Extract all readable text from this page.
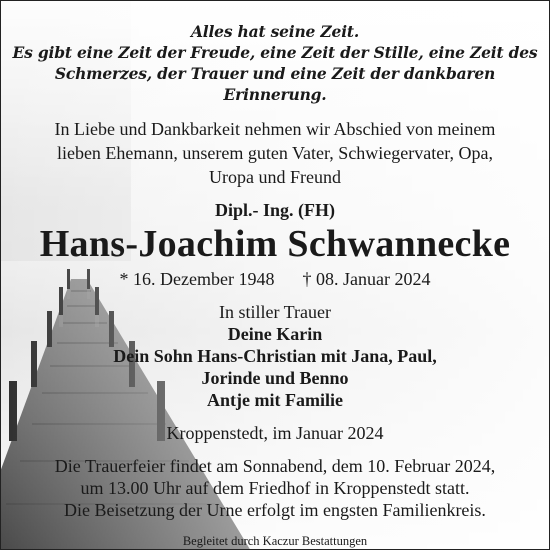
Alles hat seine Zeit.
Es gibt eine Zeit der Freude, eine Zeit der Stille, eine Zeit des
Schmerzes, der Trauer und eine Zeit der dankbaren Erinnerung.

In Liebe und Dankbarkeit nehmen wir Abschied von meinem
lieben Ehemann, unserem guten Vater, Schwiegervater, Opa,
Uropa und Freund

Dipl.- Ing. (FH)

Hans-Joachim Schwannecke

* 16. Dezember 1948 † 08. Januar 2024

In stiller Trauer

Deine Karin
Dein Sohn Hans-Christian mit Jana, Paul,
Jorinde und Benno
Antje mit Familie

Kroppenstedt, im Januar 2024

Die Trauerfeier findet am Sonnabend, dem 10. Februar 2024,
um 13.00 Uhr auf dem Friedhof in Kroppenstedt statt.
Die Beisetzung der Urne erfolgt im engsten Familienkreis.

Begleitet durch Kaczur Bestattungen
